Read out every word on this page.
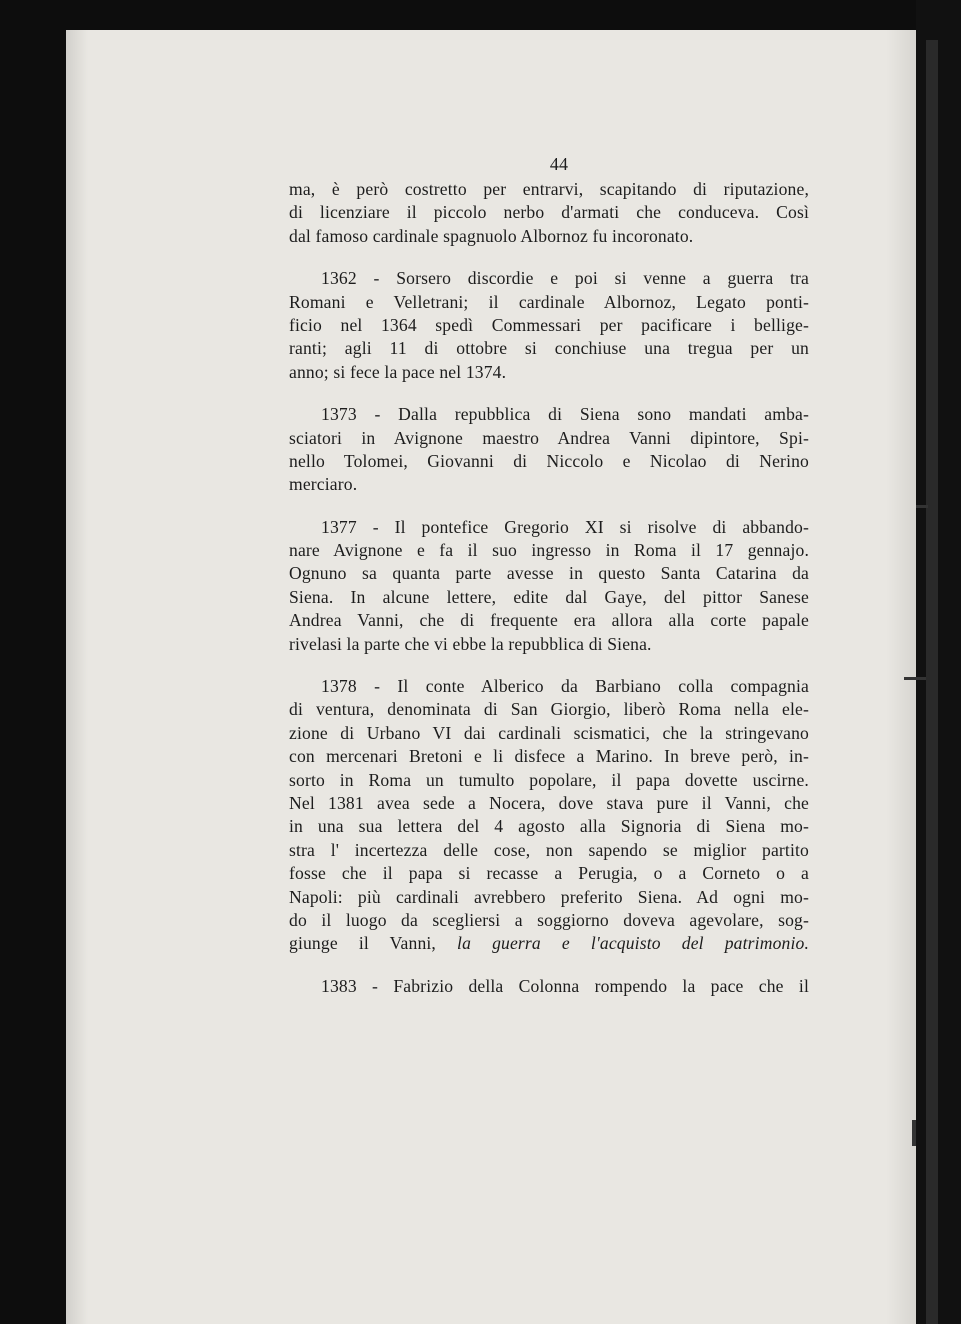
44
ma, è però costretto per entrarvi, scapitando di riputazione,
di licenziare il piccolo nerbo d'armati che conduceva. Così
dal famoso cardinale spagnuolo Albornoz fu incoronato.
1362 - Sorsero discordie e poi si venne a guerra tra
Romani e Velletrani; il cardinale Albornoz, Legato ponti-
ficio nel 1364 spedì Commessari per pacificare i bellige-
ranti; agli 11 di ottobre si conchiuse una tregua per un
anno; si fece la pace nel 1374.
1373 - Dalla repubblica di Siena sono mandati amba-
sciatori in Avignone maestro Andrea Vanni dipintore, Spi-
nello Tolomei, Giovanni di Niccolo e Nicolao di Nerino
merciaro.
1377 - Il pontefice Gregorio XI si risolve di abbando-
nare Avignone e fa il suo ingresso in Roma il 17 gennajo.
Ognuno sa quanta parte avesse in questo Santa Catarina da
Siena. In alcune lettere, edite dal Gaye, del pittor Sanese
Andrea Vanni, che di frequente era allora alla corte papale
rivelasi la parte che vi ebbe la repubblica di Siena.
1378 - Il conte Alberico da Barbiano colla compagnia
di ventura, denominata di San Giorgio, liberò Roma nella ele-
zione di Urbano VI dai cardinali scismatici, che la stringevano
con mercenari Bretoni e li disfece a Marino. In breve però, in-
sorto in Roma un tumulto popolare, il papa dovette uscirne.
Nel 1381 avea sede a Nocera, dove stava pure il Vanni, che
in una sua lettera del 4 agosto alla Signoria di Siena mo-
stra l' incertezza delle cose, non sapendo se miglior partito
fosse che il papa si recasse a Perugia, o a Corneto o a
Napoli: più cardinali avrebbero preferito Siena. Ad ogni mo-
do il luogo da scegliersi a soggiorno doveva agevolare, sog-
giunge il Vanni, la guerra e l'acquisto del patrimonio.
1383 - Fabrizio della Colonna rompendo la pace che il
